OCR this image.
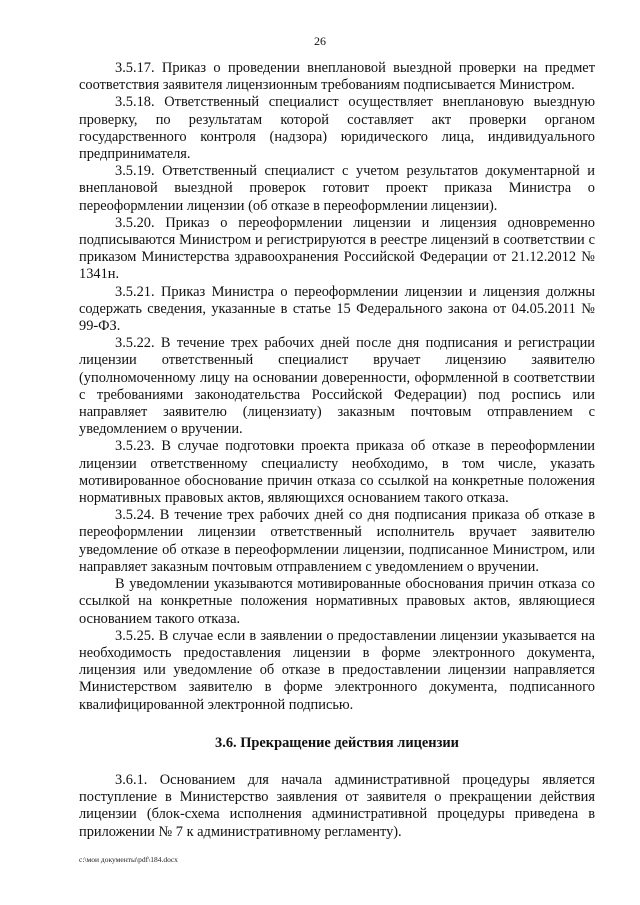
26

3.5.17. Приказ о проведении внеплановой выездной проверки на предмет соответствия заявителя лицензионным требованиям подписывается Министром.

3.5.18. Ответственный специалист осуществляет внеплановую выездную проверку, по результатам которой составляет акт проверки органом государственного контроля (надзора) юридического лица, индивидуального предпринимателя.

3.5.19. Ответственный специалист с учетом результатов документарной и внеплановой выездной проверок готовит проект приказа Министра о переоформлении лицензии (об отказе в переоформлении лицензии).

3.5.20. Приказ о переоформлении лицензии и лицензия одновременно подписываются Министром и регистрируются в реестре лицензий в соответствии с приказом Министерства здравоохранения Российской Федерации от 21.12.2012 № 1341н.

3.5.21. Приказ Министра о переоформлении лицензии и лицензия должны содержать сведения, указанные в статье 15 Федерального закона от 04.05.2011 № 99-ФЗ.

3.5.22. В течение трех рабочих дней после дня подписания и регистрации лицензии ответственный специалист вручает лицензию заявителю (уполномоченному лицу на основании доверенности, оформленной в соответствии с требованиями законодательства Российской Федерации) под роспись или направляет заявителю (лицензиату) заказным почтовым отправлением с уведомлением о вручении.

3.5.23. В случае подготовки проекта приказа об отказе в переоформлении лицензии ответственному специалисту необходимо, в том числе, указать мотивированное обоснование причин отказа со ссылкой на конкретные положения нормативных правовых актов, являющихся основанием такого отказа.

3.5.24. В течение трех рабочих дней со дня подписания приказа об отказе в переоформлении лицензии ответственный исполнитель вручает заявителю уведомление об отказе в переоформлении лицензии, подписанное Министром, или направляет заказным почтовым отправлением с уведомлением о вручении.

В уведомлении указываются мотивированные обоснования причин отказа со ссылкой на конкретные положения нормативных правовых актов, являющиеся основанием такого отказа.

3.5.25. В случае если в заявлении о предоставлении лицензии указывается на необходимость предоставления лицензии в форме электронного документа, лицензия или уведомление об отказе в предоставлении лицензии направляется Министерством заявителю в форме электронного документа, подписанного квалифицированной электронной подписью.

3.6. Прекращение действия лицензии

3.6.1. Основанием для начала административной процедуры является поступление в Министерство заявления от заявителя о прекращении действия лицензии (блок-схема исполнения административной процедуры приведена в приложении № 7 к административному регламенту).

c:\мои документы\pdf\184.docx
